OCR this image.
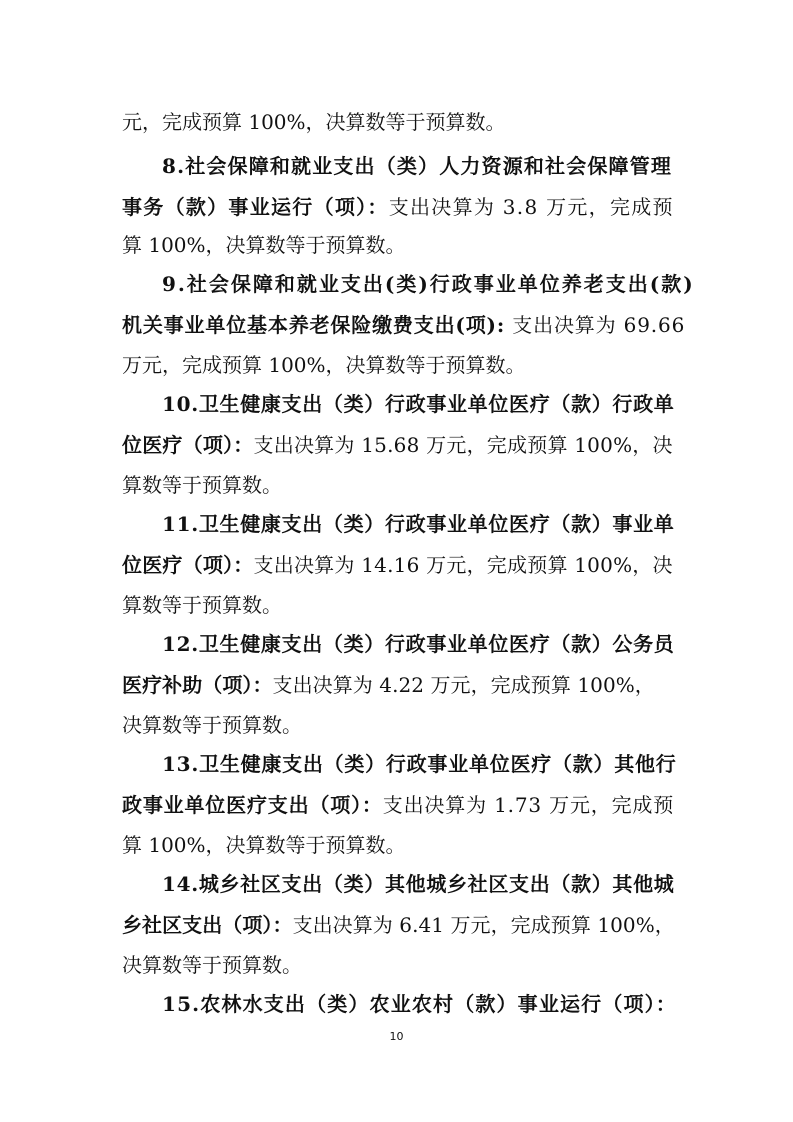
元，完成预算 100%，决算数等于预算数。
8.社会保障和就业支出（类）人力资源和社会保障管理
事务（款）事业运行（项）：支出决算为 3.8 万元，完成预
算 100%，决算数等于预算数。
9.社会保障和就业支出(类)行政事业单位养老支出(款)
机关事业单位基本养老保险缴费支出(项): 支出决算为 69.66
万元，完成预算 100%，决算数等于预算数。
10.卫生健康支出（类）行政事业单位医疗（款）行政单
位医疗（项）：支出决算为 15.68 万元，完成预算 100%，决
算数等于预算数。
11.卫生健康支出（类）行政事业单位医疗（款）事业单
位医疗（项）：支出决算为 14.16 万元，完成预算 100%，决
算数等于预算数。
12.卫生健康支出（类）行政事业单位医疗（款）公务员
医疗补助（项）：支出决算为 4.22 万元，完成预算 100%，
决算数等于预算数。
13.卫生健康支出（类）行政事业单位医疗（款）其他行
政事业单位医疗支出（项）：支出决算为 1.73 万元，完成预
算 100%，决算数等于预算数。
14.城乡社区支出（类）其他城乡社区支出（款）其他城
乡社区支出（项）：支出决算为 6.41 万元，完成预算 100%，
决算数等于预算数。
15.农林水支出（类）农业农村（款）事业运行（项）：
10
